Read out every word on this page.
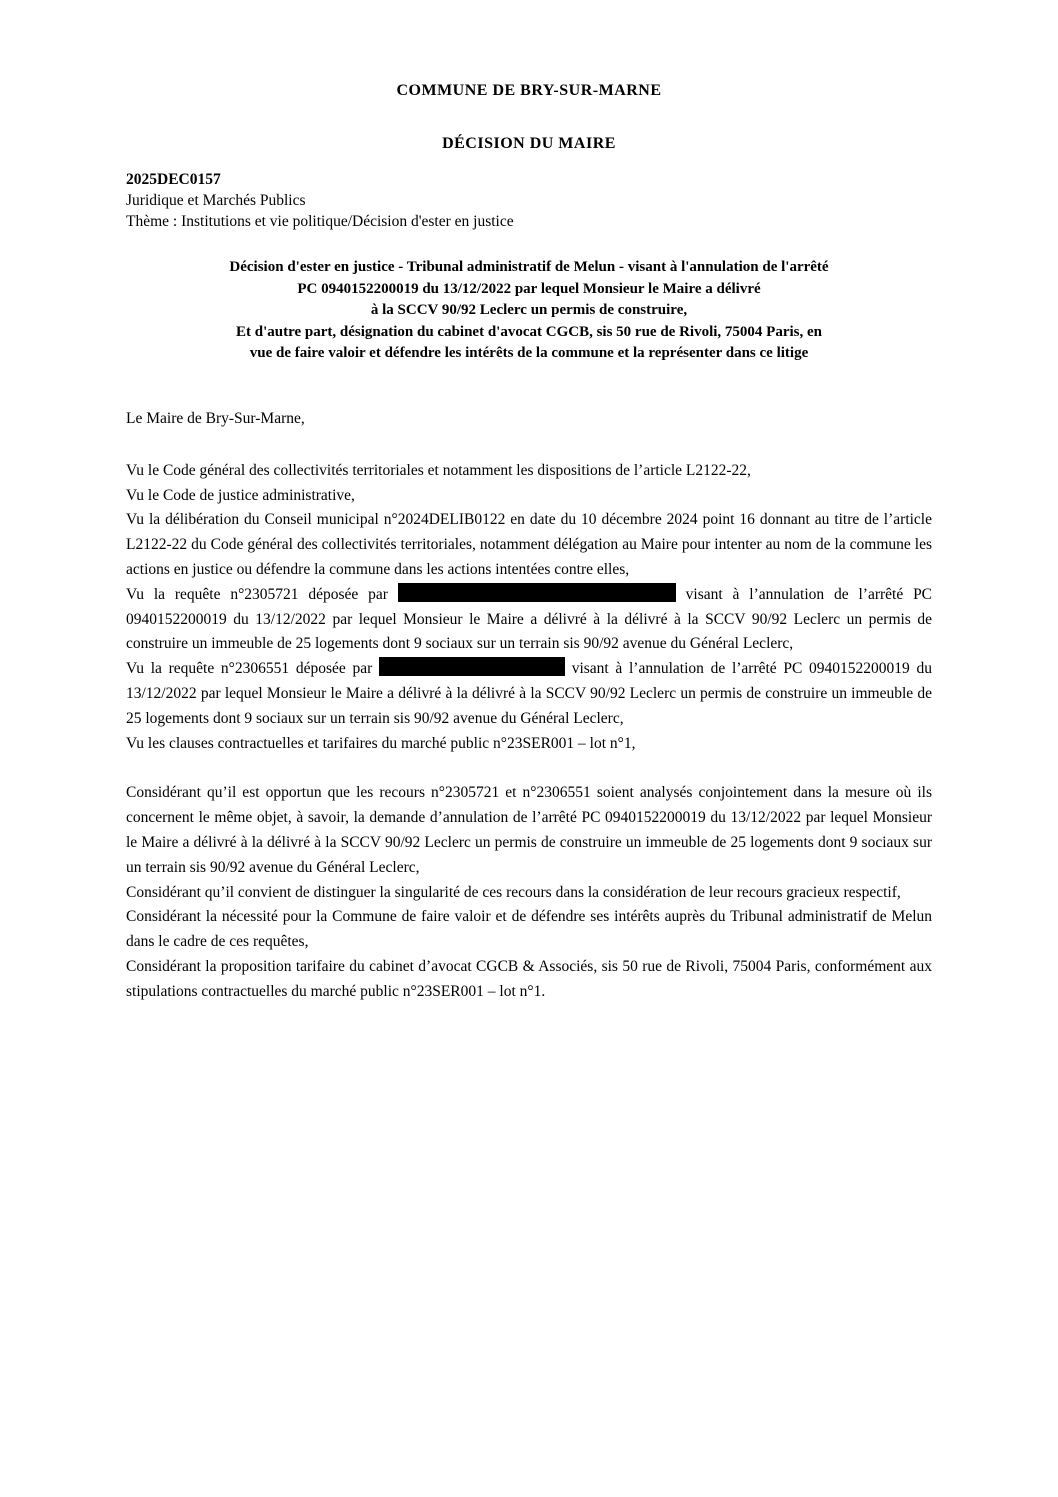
COMMUNE DE BRY-SUR-MARNE
DÉCISION DU MAIRE
2025DEC0157
Juridique et Marchés Publics
Thème : Institutions et vie politique/Décision d'ester en justice
Décision d'ester en justice - Tribunal administratif de Melun - visant à l'annulation de l'arrêté
PC 0940152200019 du 13/12/2022 par lequel Monsieur le Maire a délivré
à la SCCV 90/92 Leclerc un permis de construire,
Et d'autre part, désignation du cabinet d'avocat CGCB, sis 50 rue de Rivoli, 75004 Paris, en
vue de faire valoir et défendre les intérêts de la commune et la représenter dans ce litige

Le Maire de Bry-Sur-Marne,

Vu le Code général des collectivités territoriales et notamment les dispositions de l’article L2122-22,

Vu le Code de justice administrative,

Vu la délibération du Conseil municipal n°2024DELIB0122 en date du 10 décembre 2024 point 16 donnant au titre de l’article L2122-22 du Code général des collectivités territoriales, notamment délégation au Maire pour intenter au nom de la commune les actions en justice ou défendre la commune dans les actions intentées contre elles,

Vu la requête n°2305721 déposée par	visant à l’annulation de l’arrêté PC 0940152200019 du 13/12/2022 par lequel Monsieur le Maire a délivré à la délivré à la SCCV 90/92 Leclerc un permis de construire un immeuble de 25 logements dont 9 sociaux sur un terrain sis 90/92 avenue du Général Leclerc,

Vu la requête n°2306551 déposée par	visant à l’annulation de l’arrêté PC 0940152200019 du 13/12/2022 par lequel Monsieur le Maire a délivré à la délivré à la SCCV 90/92 Leclerc un permis de construire un immeuble de 25 logements dont 9 sociaux sur un terrain sis 90/92 avenue du Général Leclerc,

Vu les clauses contractuelles et tarifaires du marché public n°23SER001 – lot n°1,

Considérant qu’il est opportun que les recours n°2305721 et n°2306551 soient analysés conjointement dans la mesure où ils concernent le même objet, à savoir, la demande d’annulation de l’arrêté PC 0940152200019 du 13/12/2022 par lequel Monsieur le Maire a délivré à la délivré à la SCCV 90/92 Leclerc un permis de construire un immeuble de 25 logements dont 9 sociaux sur un terrain sis 90/92 avenue du Général Leclerc,

Considérant qu’il convient de distinguer la singularité de ces recours dans la considération de leur recours gracieux respectif,

Considérant la nécessité pour la Commune de faire valoir et de défendre ses intérêts auprès du Tribunal administratif de Melun dans le cadre de ces requêtes,

Considérant la proposition tarifaire du cabinet d’avocat CGCB & Associés, sis 50 rue de Rivoli, 75004 Paris, conformément aux stipulations contractuelles du marché public n°23SER001 – lot n°1.
